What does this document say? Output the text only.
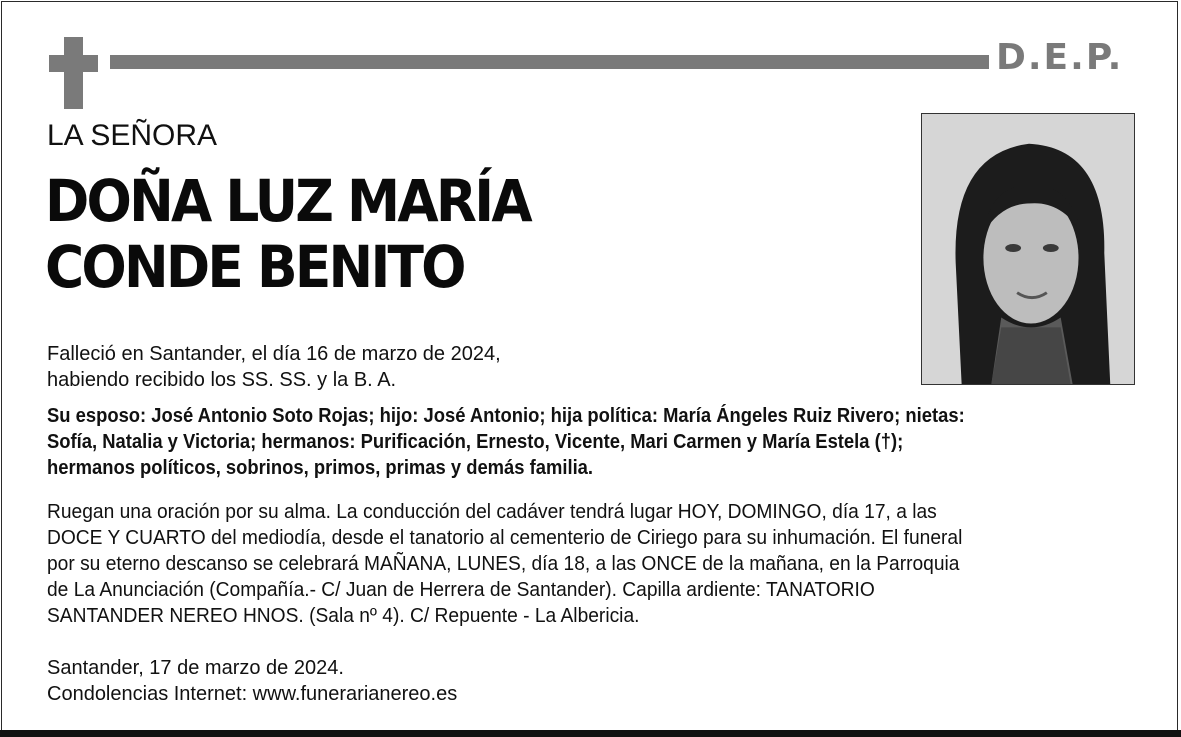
D.E.P.
LA SEÑORA
DOÑA LUZ MARÍA
CONDE BENITO
Falleció en Santander, el día 16 de marzo de 2024,
habiendo recibido los SS. SS. y la B. A.
Su esposo: José Antonio Soto Rojas; hijo: José Antonio; hija política: María Ángeles Ruiz Rivero; nietas:
Sofía, Natalia y Victoria; hermanos: Purificación, Ernesto, Vicente, Mari Carmen y María Estela (†);
hermanos políticos, sobrinos, primos, primas y demás familia.
Ruegan una oración por su alma. La conducción del cadáver tendrá lugar HOY, DOMINGO, día 17, a las
DOCE Y CUARTO del mediodía, desde el tanatorio al cementerio de Ciriego para su inhumación. El funeral
por su eterno descanso se celebrará MAÑANA, LUNES, día 18, a las ONCE de la mañana, en la Parroquia
de La Anunciación (Compañía.- C/ Juan de Herrera de Santander). Capilla ardiente: TANATORIO
SANTANDER NEREO HNOS. (Sala nº 4). C/ Repuente - La Albericia.
Santander, 17 de marzo de 2024.
Condolencias Internet: www.funerarianereo.es
